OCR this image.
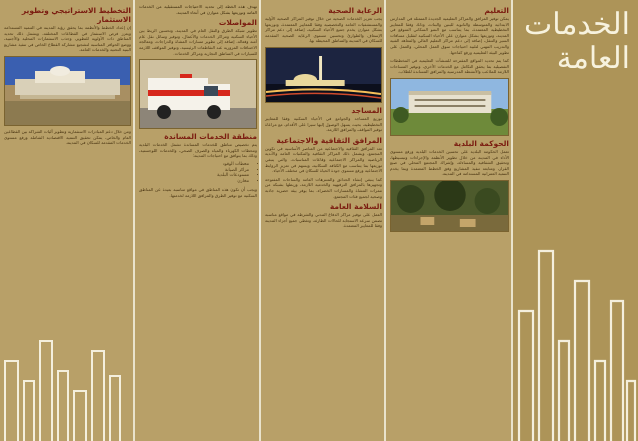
التخطيط الاستراتيجي وتطوير الاستثمار
إن إعداد الخطط والأنظمة بما يحقق رؤية المدينة في التنمية المستدامة ويعزز فرص الاستثمار في القطاعات المختلفة، ويشمل ذلك تحديد المناطق ذات الأولوية للتطوير، وجذب الاستثمارات المحلية والأجنبية، ووضع الحوافز المناسبة لتشجيع مشاركة القطاع الخاص في تنفيذ مشاريع البنية التحتية والخدمات العامة.
ومن خلال دعم المبادرات الاستثمارية وتطوير آليات الشراكة بين القطاعين العام والخاص، يمكن تحقيق التنمية الاقتصادية الشاملة ورفع مستوى الخدمات المقدمة للسكان في المدينة.
تهدف هذه الخطة إلى تحديد الاحتياجات المستقبلية من الخدمات العامة وتوزيعها بشكل متوازن في أنحاء المدينة.
المواصلات
تطوير شبكة الطرق والنقل العام في المدينة، وتحسين الربط بين الأحياء السكنية ومراكز الخدمات والأعمال، وتوفير وسائل نقل عام آمنة وفعالة، إضافة إلى تطوير مسارات المشاة والدراجات، ومعالجة الاختناقات المرورية عند التقاطعات الرئيسية، وتوفير المواقف اللازمة للسيارات في المناطق التجارية ومراكز الخدمات.
منطقة الخدمات المساندة
يتم تخصيص مناطق للخدمات المساندة تشمل الخدمات البلدية ومحطات الكهرباء والمياه والصرف الصحي، والخدمات اللوجستية، وذلك بما يتوافق مع احتياجات المدينة:
• محطات الوقود
• مراكز الصيانة
• مستودعات البلدية
• مخازن
ويجب أن تكون هذه المناطق في مواقع مناسبة بعيدة عن المناطق السكنية مع توفير الطرق والمرافق اللازمة لخدمتها.
الرعاية الصحية
يجب تعزيز الخدمات الصحية من خلال توفير المراكز الصحية الأولية والمستشفيات العامة والتخصصية وفقا للمعايير المعتمدة، وتوزيعها بشكل متوازن يخدم جميع الأحياء السكنية، إضافة إلى دعم مراكز الإسعاف والطوارئ وتحسين مستوى الرعاية الصحية المقدمة للسكان في المدينة والمناطق المحيطة بها.
المساجد
توزيع المساجد والجوامع في الأحياء السكنية وفقا للمعايير التخطيطية، بحيث يسهل الوصول إليها سيرا على الأقدام، مع مراعاة توفير المواقف والمرافق اللازمة.
المرافق الثقافية والاجتماعية
تعد المرافق الثقافية والاجتماعية من العناصر الأساسية في تكوين المجتمع، ويشمل ذلك المراكز الثقافية والمكتبات العامة والأندية الرياضية والمراكز الاجتماعية وقاعات المناسبات، والتي ينبغي توزيعها بما يتناسب مع الكثافة السكانية، ويسهم في تعزيز الروابط الاجتماعية ورفع مستوى جودة الحياة للسكان في مختلف الأحياء.
كما ينبغي إنشاء الحدائق والمتنزهات العامة والساحات المفتوحة وتجهيزها بالمرافق الترفيهية والخدمية اللازمة، وربطها بشبكة من ممرات المشاة والمسارات الخضراء، بما يوفر بيئة حضرية جاذبة وصحية لجميع فئات المجتمع.
السلامة العامة
العمل على توفير مراكز الدفاع المدني والشرطة في مواقع مناسبة تضمن سرعة الاستجابة للحالات الطارئة، وتغطي جميع أجزاء المدينة وفقا للمعايير المعتمدة.
التعليم
يمكن توفير المرافق والمراكز التعليمية الجديدة المتمثلة في المدارس الابتدائية والمتوسطة والثانوية للبنين والبنات، وذلك وفقا للمعايير التخطيطية المعتمدة، بما يتناسب مع النمو السكاني المتوقع في المدينة، وتوزيعها بشكل متوازن على الأحياء السكنية لتقليل مسافات السير والتنقل، إضافة إلى دعم مراكز التعليم العالي والمعاهد الفنية والتدريب المهني لتلبية احتياجات سوق العمل المحلي، والعمل على تطوير البيئة التعليمية ورفع كفاءتها.
كما يتم تحديد المواقع المقترحة للمنشآت التعليمية في المخططات التفصيلية بما يحقق التكامل مع الخدمات الأخرى، وتوفير المساحات اللازمة للملاعب والأنشطة المدرسية والمرافق المساندة للطلاب.
الحوكمة البلدية
تعمل الحكومة البلدية على تحسين الخدمات البلدية ورفع مستوى الأداء في المدينة من خلال تطوير الأنظمة والإجراءات وتبسيطها، وتحقيق الشفافية والمساءلة، وإشراك المجتمع المحلي في صنع القرار، ومتابعة تنفيذ المشاريع وفق الخطط المعتمدة وبما يخدم التنمية العمرانية المستدامة في المدينة.
الخدمات
العامة
